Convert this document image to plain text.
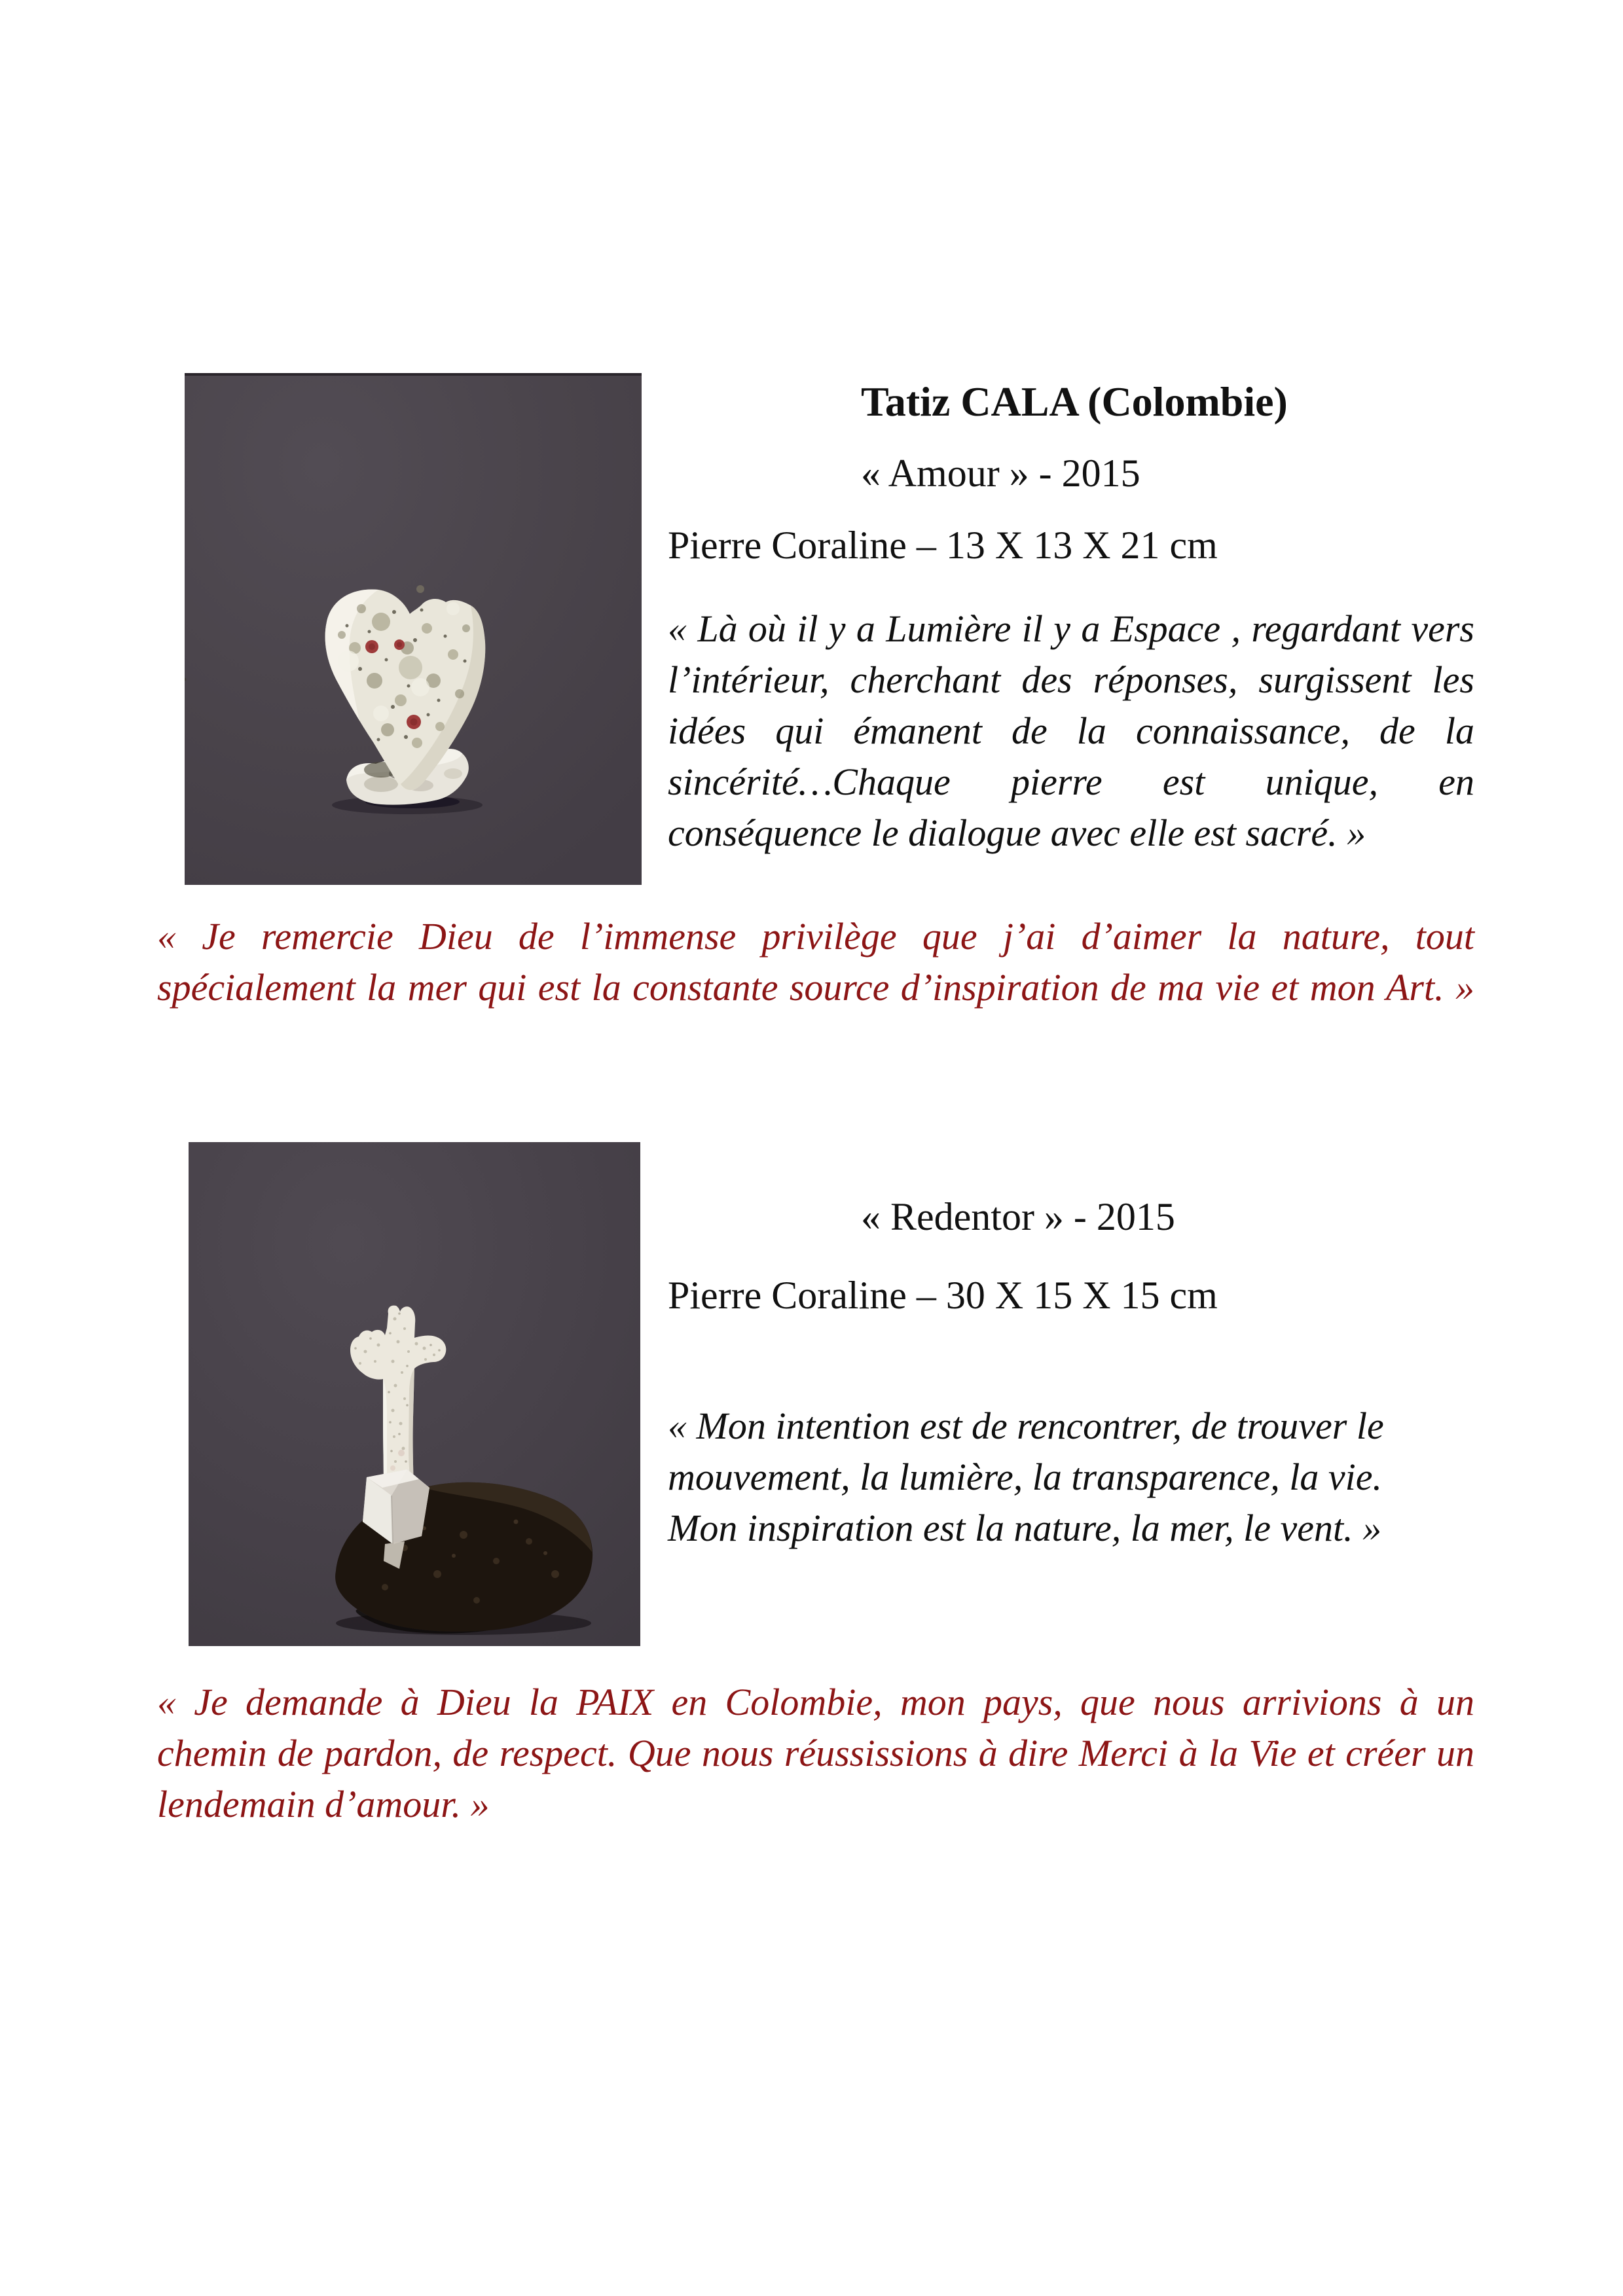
Tatiz CALA (Colombie)
« Amour » - 2015
Pierre Coraline – 13 X 13 X 21 cm
« Là où il y a Lumière il y a Espace , regardant vers
l’intérieur, cherchant des réponses, surgissent les
idées qui émanent de la connaissance, de la
sincérité…Chaque pierre est unique, en
conséquence le dialogue avec elle est sacré. »
« Je remercie Dieu de l’immense privilège que j’ai d’aimer la nature, tout
spécialement la mer qui est la constante source d’inspiration de ma vie et mon Art. »
« Redentor » - 2015
Pierre Coraline – 30 X 15 X 15 cm
« Mon intention est de rencontrer, de trouver le
mouvement, la lumière, la transparence, la vie.
Mon inspiration est la nature, la mer, le vent. »
« Je demande à Dieu la PAIX en Colombie, mon pays, que nous arrivions à un
chemin de pardon, de respect. Que nous réussissions à dire Merci à la Vie et créer un
lendemain d’amour. »
